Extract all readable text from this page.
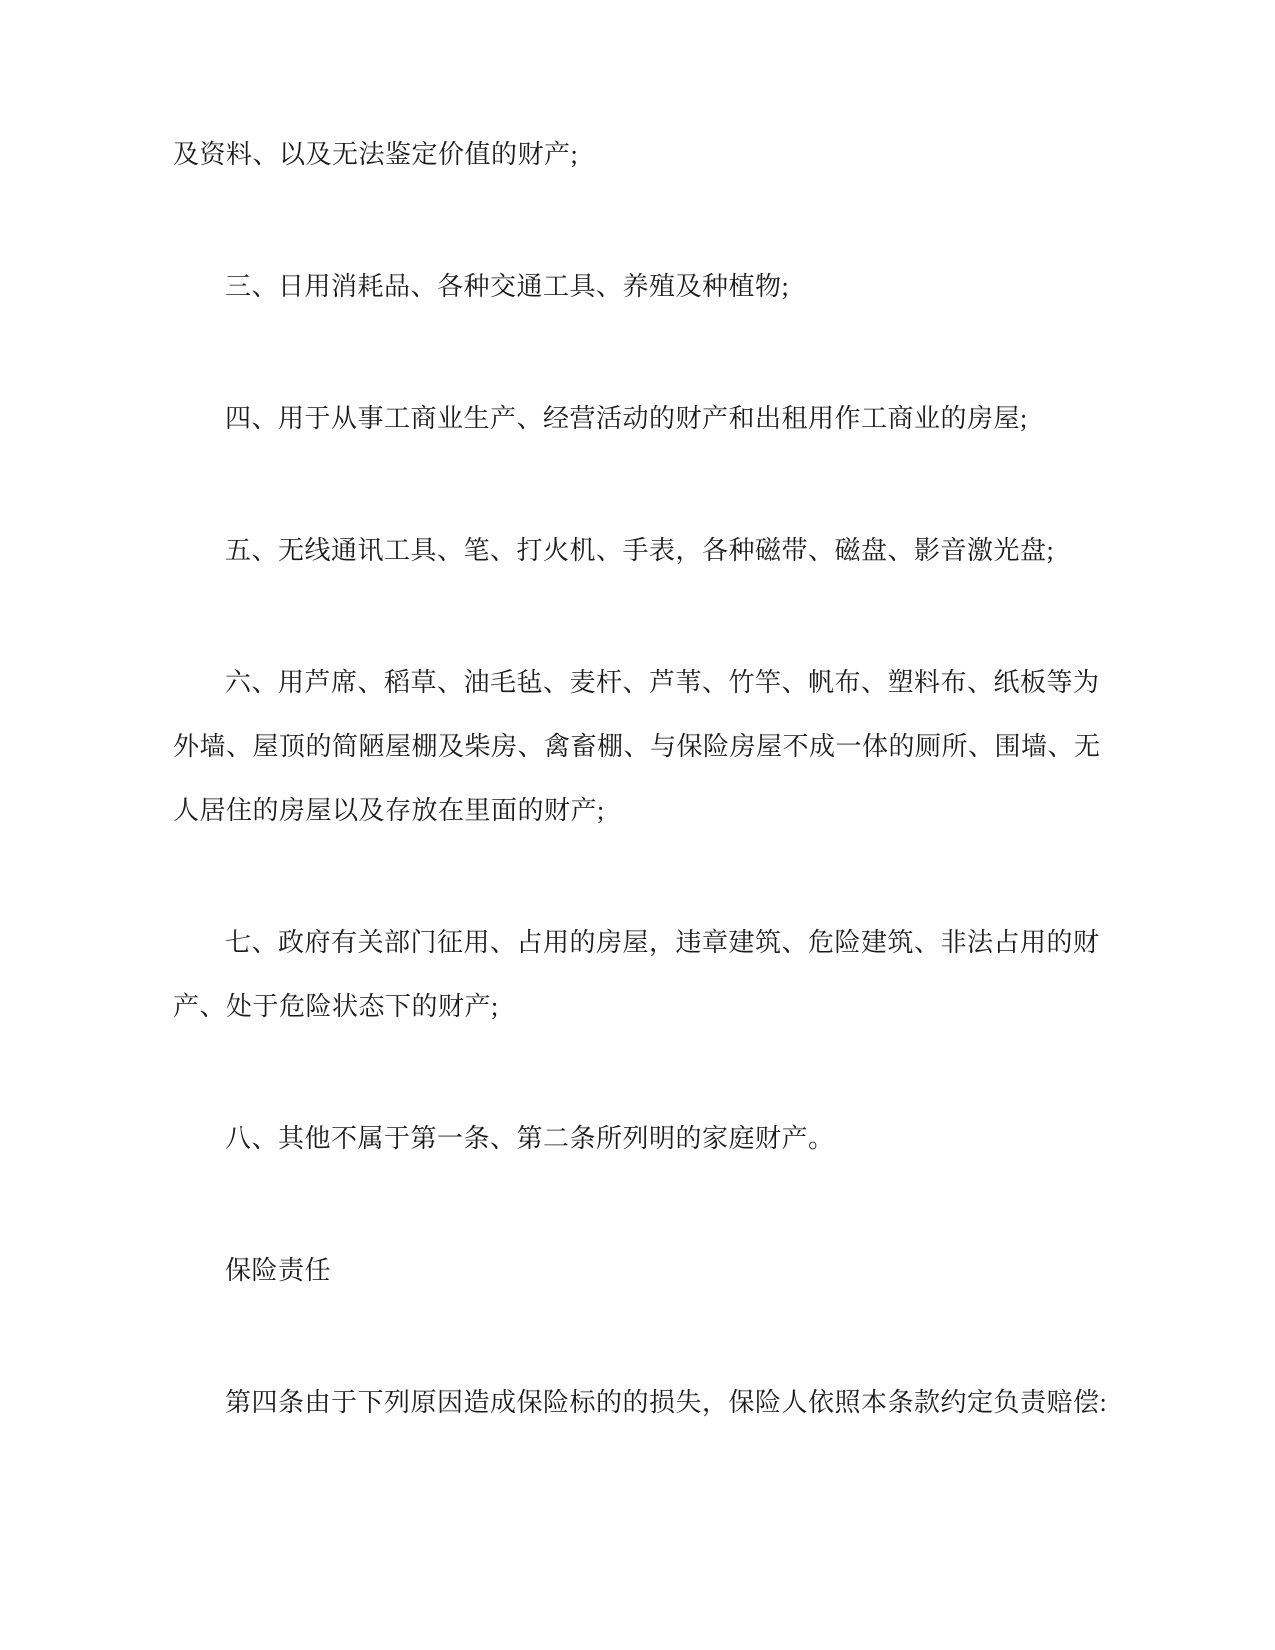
及资料、以及无法鉴定价值的财产;

三、日用消耗品、各种交通工具、养殖及种植物;

四、用于从事工商业生产、经营活动的财产和出租用作工商业的房屋;

五、无线通讯工具、笔、打火机、手表，各种磁带、磁盘、影音激光盘;

六、用芦席、稻草、油毛毡、麦杆、芦苇、竹竿、帆布、塑料布、纸板等为外墙、屋顶的简陋屋棚及柴房、禽畜棚、与保险房屋不成一体的厕所、围墙、无人居住的房屋以及存放在里面的财产;

七、政府有关部门征用、占用的房屋，违章建筑、危险建筑、非法占用的财产、处于危险状态下的财产;

八、其他不属于第一条、第二条所列明的家庭财产。

保险责任

第四条由于下列原因造成保险标的的损失，保险人依照本条款约定负责赔偿:
